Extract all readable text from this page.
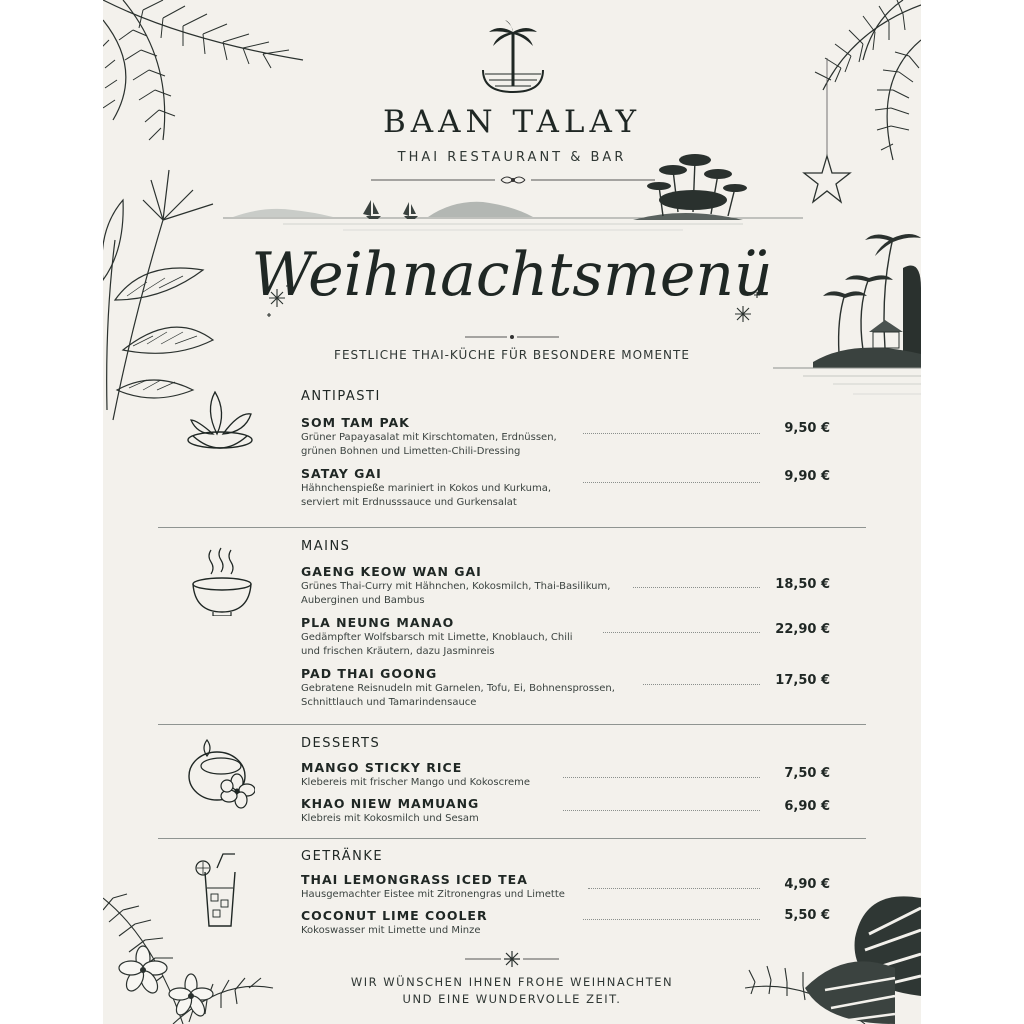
BAAN TALAY
THAI RESTAURANT & BAR
Weihnachtsmenü
FESTLICHE THAI-KÜCHE FÜR BESONDERE MOMENTE
ANTIPASTI
SOM TAM PAK
Grüner Papayasalat mit Kirschtomaten, Erdnüssen,
grünen Bohnen und Limetten-Chili-Dressing
9,50 €
SATAY GAI
Hähnchenspieße mariniert in Kokos und Kurkuma,
serviert mit Erdnusssauce und Gurkensalat
9,90 €
MAINS
GAENG KEOW WAN GAI
Grünes Thai-Curry mit Hähnchen, Kokosmilch, Thai-Basilikum,
Auberginen und Bambus
18,50 €
PLA NEUNG MANAO
Gedämpfter Wolfsbarsch mit Limette, Knoblauch, Chili
und frischen Kräutern, dazu Jasminreis
22,90 €
PAD THAI GOONG
Gebratene Reisnudeln mit Garnelen, Tofu, Ei, Bohnensprossen,
Schnittlauch und Tamarindensauce
17,50 €
DESSERTS
MANGO STICKY RICE
Klebereis mit frischer Mango und Kokoscreme
7,50 €
KHAO NIEW MAMUANG
Klebreis mit Kokosmilch und Sesam
6,90 €
GETRÄNKE
THAI LEMONGRASS ICED TEA
Hausgemachter Eistee mit Zitronengras und Limette
4,90 €
COCONUT LIME COOLER
Kokoswasser mit Limette und Minze
5,50 €
WIR WÜNSCHEN IHNEN FROHE WEIHNACHTEN
UND EINE WUNDERVOLLE ZEIT.
